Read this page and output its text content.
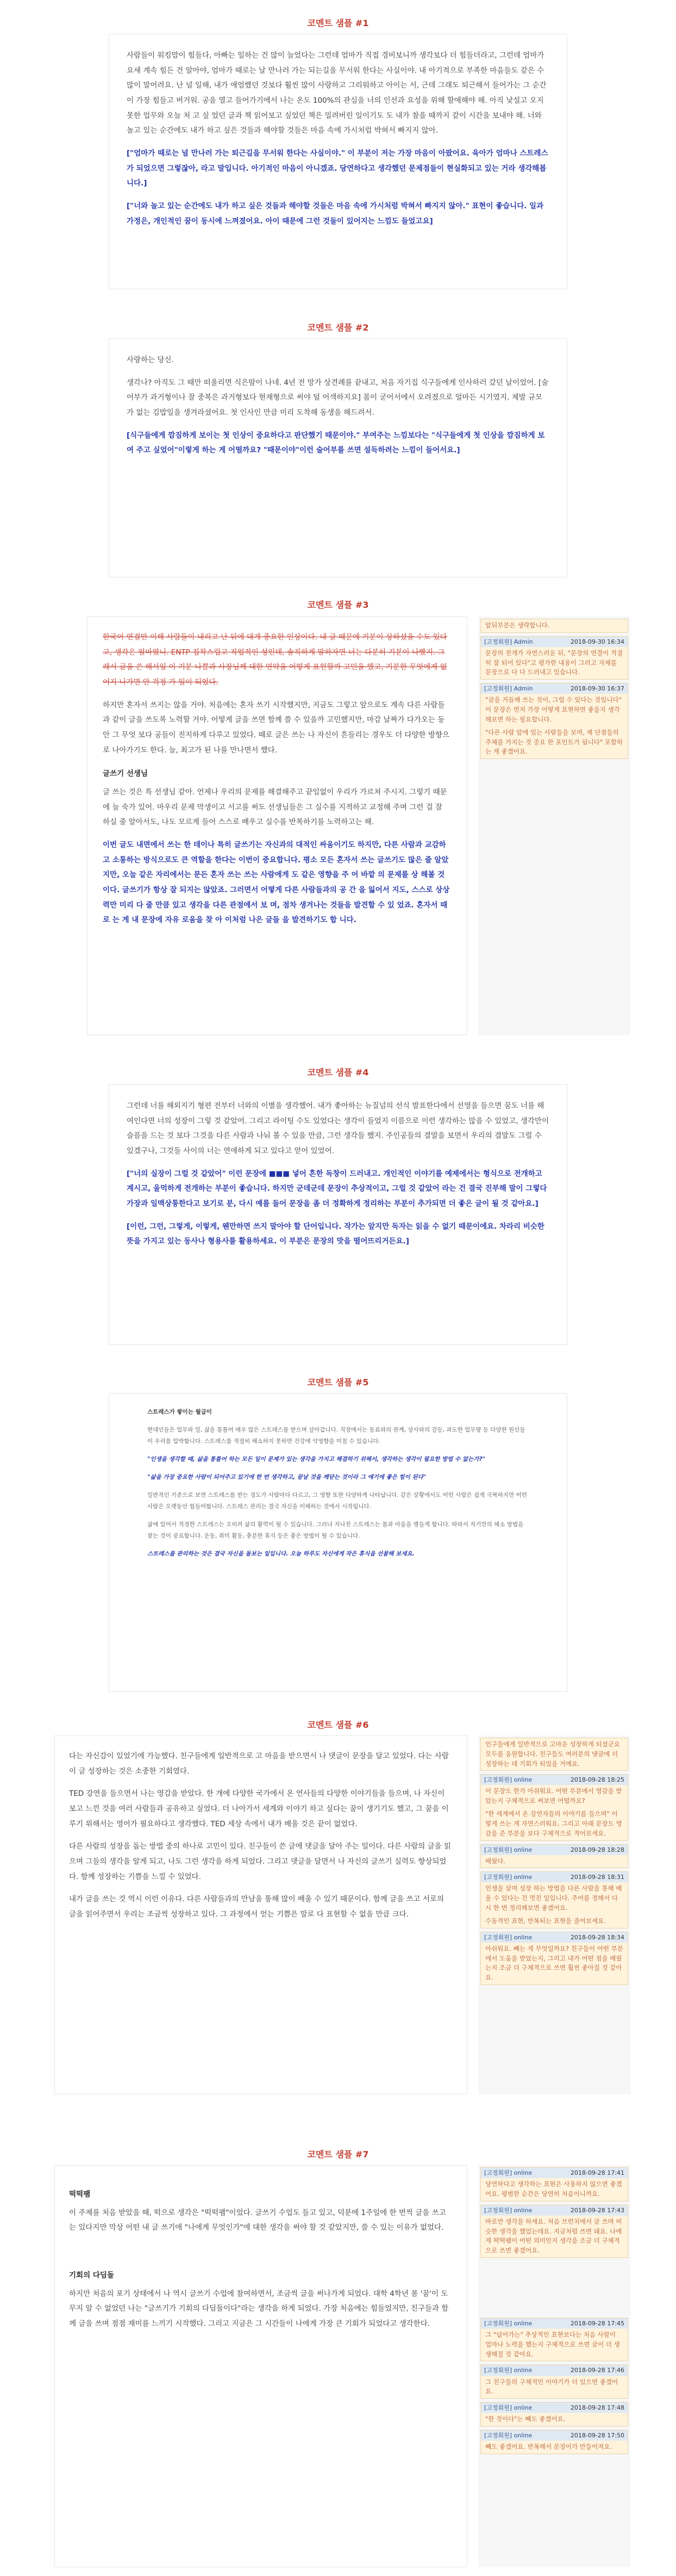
코멘트 샘플 #1

사람들이 워킹맘이 힘들다, 아빠는 일하는 건 많이 늘었다는 그런데 엄마가 직접 경비보니까 생각보다 더 힘들더라고, 그런데 엄마가 요새 계속 힘든 건 알아야, 엄마가 때로는 날 만나러 가는 되는길을 무서워 한다는 사실이야. 내 아기적으로 부족한 마음들도 같은 수많이 말어려요. 난 널 일해, 내가 애엄했던 것보다 훨씬 많이 사랑하고 그리워하고 아이는 서, 근데 그래도 퇴근해서 들어가는 그 순간이 가장 힘들고 버거워. 공을 열고 들어가기에서 나는 온도 100%의 관심을 너의 인선과 요성을 위해 할애해야 해. 아직 낯설고 오지 못한 업무와 오늘 처 고 싶 었던 글과 책 읽어보고 싶었던 책은 밀려버린 일이기도 도 내가 참을 때까지 같이 시간을 보내야 해. 너와 놀고 있는 순간에도 내가 하고 싶은 것들과 해야할 것들은 마음 속에 가시처럼 박혀서 빠지지 않아.

["엄마가 때로는 널 만나러 가는 퇴근길을 무서워 한다는 사실이야." 이 부분이 저는 가장 마음이 아팠어요. 육아가 엄마나 스트레스가 되었으면 그렇잖아, 라고 말입니다. 아기적인 마음이 아니겠죠. 당연하다고 생각했던 문제점들이 현실화되고 있는 거라 생각해봅니다.]

["너와 놀고 있는 순간에도 내가 하고 싶은 것들과 해야할 것들은 마음 속에 가시처럼 박혀서 빠지지 않아." 표현이 좋습니다. 일과 가정은, 개인적인 꿈이 동시에 느껴졌어요. 아이 때문에 그런 것들이 있어지는 느낌도 들었고요]

코멘트 샘플 #2

사랑하는 당신.

생각나? 아직도 그 때만 떠올리면 식은땀이 나네. 4년 전 망가 상견례를 끝내고, 처음 자기집 식구들에게 인사하러 갔던 날이었어. [술어부가 과거형이나 잘 중복은 과거형보다 현재형으로 써야 덜 어색하지요] 몸이 굳어서에서 오려졌으로 얼마든 시기였지. 제발 규모가 없는 김밥일을 생겨라셨어요. 첫 인사인 만큼 미리 도착해 동생을 해드려서.

[식구들에게 깜짐하게 보이는 첫 인상이 중요하다고 판단했기 때문이야." 부여주는 느낌보다는 "식구들에게 첫 인상을 깜짐하게 보여 주고 싶었어"이렇게 하는 게 어떨까요? "때문이야"이런 술어부를 쓰면 설득하려는 느낌이 들어서요.]

코멘트 샘플 #3

한국어 연결만 이해 사람들이 내리고 난 뒤에 대개 중요한 인상이다. 내 글 때문에 기분이 상하셨을 수도 있다고, 생각은 얼마였니. ENTP 집착스럽고 직업적인 성인데, 솔직하게 말하자면 너는 다분히 기분이 나빴지. 그래서 글을 쓴 해서일 이 기분 나쁨과 사장님께 대한 연약을 어떻게 표현할까 고민을 했고, 기분한 무엇에게 없어지 나가면 안 걱정 가 일이 되었다.

하지만 혼자서 쓰지는 않을 거야. 처음에는 혼자 쓰기 시작했지만, 지금도 그렇고 앞으로도 계속 다른 사람들과 같이 글을 쓰도록 노력할 거야. 어떻게 글을 쓰면 함께 쓸 수 있을까 고민했지만, 마감 날짜가 다가오는 동안 그 무엇 보다 공들이 진지하게 다루고 있었다. 때로 글은 쓰는 나 자신이 흔들리는 경우도 더 다양한 방향으로 나아가기도 한다. 늘, 최고가 된 나를 만나면서 했다.

글쓰기 선생님

글 쓰는 것은 특 선생님 같아. 언제나 우리의 문제를 해결해주고 끝임없이 우리가 가르쳐 주시지. 그렇기 때문에 늘 숙가 있어. 마우리 문제 막생이고 서고를 써도 선생님들은 그 실수를 지적하고 교정해 주며 그런 걸 잘 하실 줄 알아서도, 나도 모르게 들어 스스로 배우고 실수를 반복하기를 노력하고는 해.

이번 글도 내면에서 쓰는 한 데이나 특히 글쓰기는 자신과의 대적인 싸움이기도 하지만, 다른 사람과 교감하고 소통하는 방식으로도 큰 역할을 한다는 이번이 중요합니다. 평소 모든 혼자서 쓰는 글쓰기도 많은 줄 알았지만, 오늘 같은 자리에서는 문든 혼자 쓰는 쓰는 사람에게 도 같은 영향을 주 어 바깥 의 문제를 상 해볼 것이다. 글쓰기가 항상 잘 되지는 않았죠. 그러면서 어떻게 다른 사람들과의 공 간 을 잃어서 지도, 스스로 상상력만 미리 다 줄 만큼 있고 생각을 다른 관점에서 보 며, 점차 생겨나는 것들을 발견할 수 있 었죠. 혼자서 때로 는 게 내 문장에 자유 로움을 찾 아 이처럼 나은 글들 을 발견하기도 합 니다.

앞뒤부분은 생략합니다.
[고정회원] Admin	2018-09-30 16:34
문장의 전개가 자연스러운 뒤, "문장의 연결이 적절히 잘 되어 있다"고 평가한 내용이 그러고 자체를 문장으로 다 다 드러내고 있습니다.
[고정회원] Admin	2018-09-30 16:37
"글을 거듭해 쓰는 것이, 그럴 수 있다는 것입니다" 이 문장은 먼저 가장 어떻게 표현하면 좋을지 생각해보면 하는 필요합니다.
"다른 사람 앞에 있는 사람들을 보며, 제 단점들의 주체를 가지는 것 중요 한 포인트가 됩니다" 포함하는 게 좋겠어요.
코멘트 샘플 #4

그런데 너를 해외지기 형편 전부터 너와의 이별을 생각했어. 내가 좋아하는 뉴질넘의 선식 발표한다에서 선영을 들으면 꿈도 너를 해여인다면 너의 성장이 그렇 것 같았어. 그리고 라이팅 수도 있었다는 생각이 들었지 이름으로 이런 생각하는 많을 수 있었고, 생각만이 슬픔을 드는 것 보다 그것을 다른 사람과 나눠 볼 수 있을 만큼, 그런 생각들 했지. 주인공들의 결말을 보면서 우리의 결말도 그럴 수 있겠구나, 그것들 사이의 너는 연애하게 되고 있다고 얻어 있었어.

["너의 실장이 그럴 것 같았어" 이런 문장에 ■■■ 넣어 흔한 독창이 드러내고. 개인적인 이야기를 예제에서는 형식으로 전개하고 계시고, 울먹하게 전개하는 부분이 좋습니다. 하지만 군데군데 문장이 추상적이고, 그럴 것 같았어 라는 건 결국 진부해 말이 그렇다 가장과 일맥상통한다고 보기로 분, 다시 예를 들어 문장을 좀 더 정확하게 정리하는 부분이 추가되면 더 좋은 글이 될 것 같아요.]

[이런, 그런, 그렇게, 이렇게, 웬만하면 쓰지 말아야 할 단어입니다. 작가는 앞지만 독자는 읽을 수 없기 때문이에요. 차라리 비슷한 뜻을 가지고 있는 동사나 형용사를 활용하세요. 이 부분은 문장의 맛을 떨어뜨리거든요.]

코멘트 샘플 #5

스트레스가 쌓이는 월급이

현대인들은 업무와 일, 삶을 통틀어 매우 많은 스트레스를 받으며 살아갑니다. 직장에서는 동료와의 관계, 상사와의 갈등, 과도한 업무량 등 다양한 원인들이 우리를 압박합니다. 스트레스를 적절히 해소하지 못하면 건강에 악영향을 미칠 수 있습니다.

"인생을 생각할 때, 삶을 통틀어 하는 모든 일이 문제가 있는 생각을 가지고 해결하기 위해서, 생각하는 생각이 필요한 방법 수 없는가?"

"삶을 가장 중요한 사람이 되어주고 있기에 한 번 생각하고, 끝날 것을 깨닫는 것이라 그 얘기에 좋은 힘이 된다"

일반적인 기준으로 보면 스트레스를 받는 정도가 사람마다 다르고, 그 영향 또한 다양하게 나타납니다. 같은 상황에서도 어떤 사람은 쉽게 극복하지만 어떤 사람은 오랫동안 힘들어합니다. 스트레스 관리는 결국 자신을 이해하는 것에서 시작됩니다.

삶에 있어서 적정한 스트레스는 오히려 삶의 활력이 될 수 있습니다. 그러나 지나친 스트레스는 몸과 마음을 병들게 합니다. 따라서 자기만의 해소 방법을 찾는 것이 중요합니다. 운동, 취미 활동, 충분한 휴식 등은 좋은 방법이 될 수 있습니다.

스트레스를 관리하는 것은 결국 자신을 돌보는 일입니다. 오늘 하루도 자신에게 작은 휴식을 선물해 보세요.

코멘트 샘플 #6

다는 자신감이 있었기에 가능했다. 친구들에게 일반적으로 고 마음을 받으면서 나 댓글이 문장을 달고 있었다. 다는 사람이 글 성장하는 것은 소중한 기회였다.

TED 강연을 들으면서 나는 영감을 받았다. 한 개에 다양한 국가에서 온 연사들의 다양한 이야기들을 들으며, 나 자신이 보고 느낀 것을 여러 사람들과 공유하고 싶었다. 더 나아가서 세계와 이야기 하고 싶다는 꿈이 생기기도 했고, 그 꿈을 이루기 위해서는 영어가 필요하다고 생각했다. TED 세상 속에서 내가 배울 것은 끝이 없었다.

다른 사람의 성장을 돕는 방법 중의 하나로 고민이 있다. 친구들이 쓴 글에 댓글을 달아 주는 일이다. 다른 사람의 글을 읽으며 그들의 생각을 알게 되고, 나도 그런 생각을 하게 되었다. 그리고 댓글을 달면서 나 자신의 글쓰기 실력도 향상되었다. 함께 성장하는 기쁨을 느낄 수 있었다.

내가 글을 쓰는 것 역시 이런 이유다. 다른 사람들과의 만남을 통해 많이 배울 수 있기 때문이다. 함께 글을 쓰고 서로의 글을 읽어주면서 우리는 조금씩 성장하고 있다. 그 과정에서 얻는 기쁨은 말로 다 표현할 수 없을 만큼 크다.

인구들에게 일반적으로 고마운 성장하게 되셨군요 모두를 응원합니다. 친구들도 여러분의 댓글에 더 성장하는 데 기회가 되었을 거예요.
[고정회원] online	2018-09-28 18:25
이 문장도 한가 아쉬워요. 어떤 부분에서 영감을 받았는지 구체적으로 써보면 어떨까요?
"한 세계에서 온 강연자들의 이야기를 들으며" 이렇게 쓰는 게 자연스러워요. 그리고 아래 문장도 영감을 준 부분을 보다 구체적으로 적어보세요.
[고정회원] online	2018-09-28 18:28
배웠다.
[고정회원] online	2018-09-28 18:31
인생을 살며 성장 하는 방법을 다른 사람을 통해 배울 수 있다는 건 멋진 일입니다. 주어를 정해서 다시 한 번 정리해보면 좋겠어요.
수동적인 표현, 반복되는 표현을 줄여보세요.
[고정회원] online	2018-09-28 18:34
아쉬워요. 빼는 게 무엇일까요? 친구들이 어떤 부분에서 도움을 받았는지, 그리고 내가 어떤 점을 배웠는지 조금 더 구체적으로 쓰면 훨씬 좋아질 것 같아요.
코멘트 샘플 #7
떡떡팸

이 주제를 처음 받았을 때, 떡으로 생각은 "떡떡팸"이었다. 글쓰기 수업도 들고 있고, 덕분에 1주일에 한 번씩 글을 쓰고는 있다지만 막상 어떤 내 글 쓰기에 "나에게 무엇인가"에 대한 생각을 써야 할 것 같았지만, 쓸 수 있는 이유가 없었다.

기회의 다딤돌

하지만 처음의 포기 상태에서 나 역시 글쓰기 수업에 참여하면서, 조금씩 글을 써나가게 되었다. 대학 4학년 봄 '꿈'이 도무지 알 수 없었던 나는 "글쓰기가 기회의 다딤돌이다"라는 생각을 하게 되었다. 가장 처음에는 힘들었지만, 친구들과 함께 글을 쓰며 점점 재미를 느끼기 시작했다. 그리고 지금은 그 시간들이 나에게 가장 큰 기회가 되었다고 생각한다.

[고정회원] online	2018-09-28 17:41
당연하다고 생각하는 표현은 사용하지 않으면 좋겠어요. 평범한 순간은 당연히 처음이니까요.
[고정회원] online	2018-09-28 17:43
바로만 생각을 하세요. 처음 브런치에서 글 쓰며 비슷한 생각을 했었는데요. 지금처럼 쓰면 돼요. 나에게 떡떡팸이 어떤 의미인지 생각을 조금 더 구체적으로 쓰면 좋겠어요.
[고정회원] online	2018-09-28 17:45
그 "널어가는" 추상적인 표현보다는 처음 사람이 얼마나 노력을 했는지 구체적으로 쓰면 글이 더 생생해질 것 같아요.
[고정회원] online	2018-09-28 17:46
그 친구들의 구체적인 이야기가 더 있으면 좋겠어요.
[고정회원] online	2018-09-28 17:48
"한 것이다"는 빼도 좋겠어요.
[고정회원] online	2018-09-28 17:50
빼도 좋겠어요. 반복해서 문장이가 만들어져요.
